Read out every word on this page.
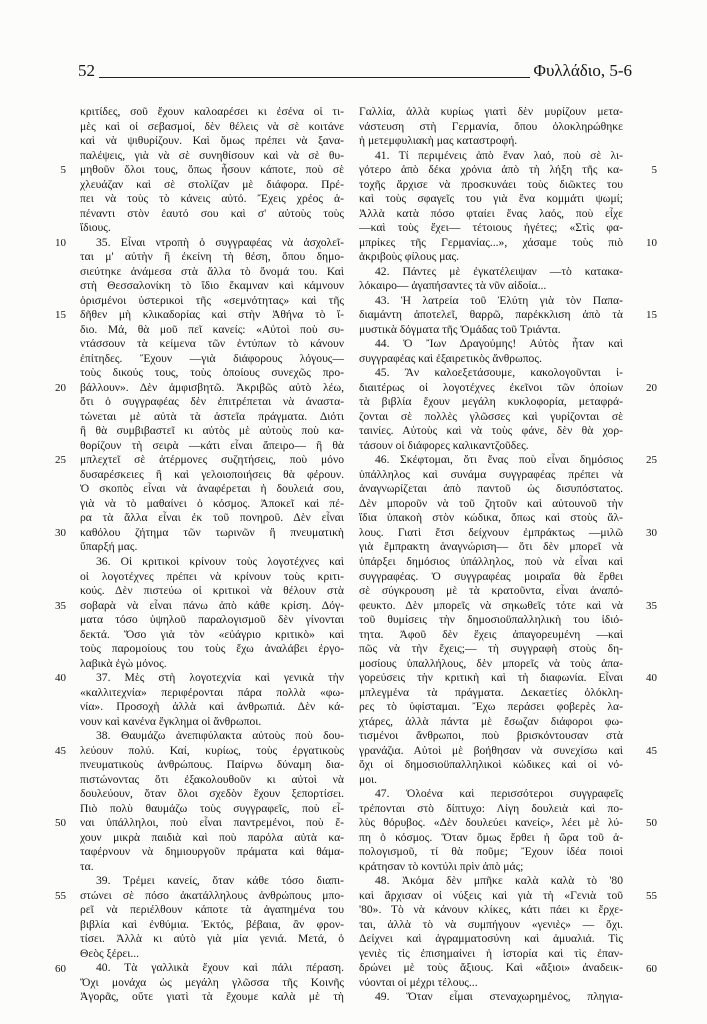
52	Φυλλάδιο, 5-6
κριτίδες, σοῦ ἔχουν καλοαρέσει κι ἐσένα οἱ τι-
μὲς καὶ οἱ σεβασμοί, δὲν θέλεις νὰ σὲ κοιτάνε
καὶ νὰ ψιθυρίζουν. Καὶ ὅμως πρέπει νὰ ξανα-
παλέψεις, γιὰ νὰ σὲ συνηθίσουν καὶ νὰ σὲ θυ-
μηθοῦν ὅλοι τους, ὅπως ἦσουν κάποτε, ποὺ σὲ
χλευάζαν καὶ σὲ στολίζαν μὲ διάφορα. Πρέ-
πει νὰ τοὺς τὸ κάνεις αὐτό. Ἔχεις χρέος ἀ-
πέναντι στὸν ἑαυτό σου καὶ σ' αὐτοὺς τοὺς
ἴδιους.
35. Εἶναι ντροπὴ ὁ συγγραφέας νὰ ἀσχολεῖ-
ται μ' αὐτὴν ἢ ἐκείνη τὴ θέση, ὅπου δημο-
σιεύτηκε ἀνάμεσα στὰ ἄλλα τὸ ὄνομά του. Καὶ
στὴ Θεσσαλονίκη τὸ ἴδιο ἔκαμναν καὶ κάμνουν
ὁρισμένοι ὑστερικοὶ τῆς «σεμνότητας» καὶ τῆς
δῆθεν μὴ κλικαδορίας καὶ στὴν Ἀθήνα τὸ ἴ-
διο. Μά, θὰ μοῦ πεῖ κανείς: «Αὐτοὶ ποὺ συ-
ντάσσουν τὰ κείμενα τῶν ἐντύπων τὸ κάνουν
ἐπίτηδες. Ἔχουν —γιὰ διάφορους λόγους—
τοὺς δικούς τους, τοὺς ὁποίους συνεχῶς προ-
βάλλουν». Δὲν ἀμφισβητῶ. Ἀκριβῶς αὐτὸ λέω,
ὅτι ὁ συγγραφέας δὲν ἐπιτρέπεται νὰ ἀναστα-
τώνεται μὲ αὐτὰ τὰ ἀστεῖα πράγματα. Διότι
ἢ θὰ συμβιβαστεῖ κι αὐτὸς μὲ αὐτοὺς ποὺ κα-
θορίζουν τὴ σειρὰ —κάτι εἶναι ἄπειρο— ἢ θὰ
μπλεχτεῖ σὲ ἀτέρμονες συζητήσεις, ποὺ μόνο
δυσαρέσκειες ἢ καὶ γελοιοποιήσεις θὰ φέρουν.
Ὁ σκοπὸς εἶναι νὰ ἀναφέρεται ἡ δουλειά σου,
γιὰ νὰ τὸ μαθαίνει ὁ κόσμος. Ἀποκεῖ καὶ πέ-
ρα τὰ ἄλλα εἶναι ἐκ τοῦ πονηροῦ. Δὲν εἶναι
καθόλου ζήτημα τῶν τωρινῶν ἢ πνευματικὴ
ὕπαρξή μας.
36. Οἱ κριτικοὶ κρίνουν τοὺς λογοτέχνες καὶ
οἱ λογοτέχνες πρέπει νὰ κρίνουν τοὺς κριτι-
κούς. Δὲν πιστεύω οἱ κριτικοὶ νὰ θέλουν στὰ
σοβαρὰ νὰ εἶναι πάνω ἀπὸ κάθε κρίση. Δόγ-
ματα τόσο ὑψηλοῦ παραλογισμοῦ δὲν γίνονται
δεκτά. Ὅσο γιὰ τὸν «εὐάγριο κριτικὸ» καὶ
τοὺς παρομοίους του τοὺς ἔχω ἀναλάβει ἐργο-
λαβικὰ ἐγὼ μόνος.
37. Μὲς στὴ λογοτεχνία καὶ γενικὰ τὴν
«καλλιτεχνία» περιφέρονται πάρα πολλὰ «φω-
νία». Προσοχὴ ἀλλὰ καὶ ἀνθρωπιά. Δὲν κά-
νουν καὶ κανένα ἔγκλημα οἱ ἄνθρωποι.
38. Θαυμάζω ἀνεπιφύλακτα αὐτοὺς ποὺ δου-
λεύουν πολύ. Καί, κυρίως, τοὺς ἐργατικοὺς
πνευματικοὺς ἀνθρώπους. Παίρνω δύναμη δια-
πιστώνοντας ὅτι ἐξακολουθοῦν κι αὐτοὶ νὰ
δουλεύουν, ὅταν ὅλοι σχεδὸν ἔχουν ξεπορτίσει.
Πιὸ πολὺ θαυμάζω τοὺς συγγραφεῖς, ποὺ εἶ-
ναι ὑπάλληλοι, ποὺ εἶναι παντρεμένοι, ποὺ ἔ-
χουν μικρὰ παιδιὰ καὶ ποὺ παρόλα αὐτὰ κα-
ταφέρνουν νὰ δημιουργοῦν πράματα καὶ θάμα-
τα.
39. Τρέμει κανείς, ὅταν κάθε τόσο διαπι-
στώνει σὲ πόσο ἀκατάλληλους ἀνθρώπους μπο-
ρεῖ νὰ περιέλθουν κάποτε τὰ ἀγαπημένα του
βιβλία καὶ ἐνθύμια. Ἐκτός, βέβαια, ἂν φρον-
τίσει. Ἀλλὰ κι αὐτὸ γιὰ μία γενιά. Μετά, ὁ
Θεὸς ξέρει...
40. Τὰ γαλλικὰ ἔχουν καὶ πάλι πέραση.
Ὄχι μονάχα ὡς μεγάλη γλῶσσα τῆς Κοινῆς
Ἀγορᾶς, οὔτε γιατὶ τὰ ἔχουμε καλὰ μὲ τὴ
5
10
15
20
25
30
35
40
45
50
55
60
Γαλλία, ἀλλὰ κυρίως γιατὶ δὲν μυρίζουν μετα-
νάστευση στὴ Γερμανία, ὅπου ὁλοκληρώθηκε
ἡ μετεμφυλιακὴ μας καταστροφή.
41. Τί περιμένεις ἀπὸ ἕναν λαό, ποὺ σὲ λι-
γότερο ἀπὸ δέκα χρόνια ἀπὸ τὴ λήξη τῆς κα-
τοχῆς ἄρχισε νὰ προσκυνάει τοὺς διῶκτες του
καὶ τοὺς σφαγεῖς του γιὰ ἕνα κομμάτι ψωμί;
Ἀλλὰ κατὰ πόσο φταίει ἕνας λαός, ποὺ εἶχε
—καὶ τοὺς ἔχει— τέτοιους ἡγέτες; «Στὶς φα-
μπρίκες τῆς Γερμανίας...», χάσαμε τοὺς πιὸ
ἀκριβοὺς φίλους μας.
42. Πάντες μὲ ἐγκατέλειψαν —τὸ κατακα-
λόκαιρο— ἀγαπήσαντες τὰ νῦν αἰδοία...
43. Ἡ λατρεία τοῦ Ἐλύτη γιὰ τὸν Παπα-
διαμάντη ἀποτελεῖ, θαρρῶ, παρέκκλιση ἀπὸ τὰ
μυστικὰ δόγματα τῆς Ὁμάδας τοῦ Τριάντα.
44. Ὁ Ἴων Δραγούμης! Αὐτὸς ἦταν καὶ
συγγραφέας καὶ ἐξαιρετικὸς ἄνθρωπος.
45. Ἂν καλοεξετάσουμε, κακολογοῦνται ἰ-
διαιτέρως οἱ λογοτέχνες ἐκεῖνοι τῶν ὁποίων
τὰ βιβλία ἔχουν μεγάλη κυκλοφορία, μεταφρά-
ζονται σὲ πολλὲς γλῶσσες καὶ γυρίζονται σὲ
ταινίες. Αὐτοὺς καὶ νὰ τοὺς φάνε, δὲν θὰ χορ-
τάσουν οἱ διάφορες καλικαντζοῦδες.
46. Σκέφτομαι, ὅτι ἕνας ποὺ εἶναι δημόσιος
ὑπάλληλος καὶ συνάμα συγγραφέας πρέπει νὰ
ἀναγνωρίζεται ἀπὸ παντοῦ ὡς δισυπόστατος.
Δὲν μποροῦν νὰ τοῦ ζητοῦν καὶ αὐτουνοῦ τὴν
ἴδια ὑπακοὴ στὸν κώδικα, ὅπως καὶ στοὺς ἄλ-
λους. Γιατὶ ἔτσι δείχνουν ἐμπράκτως —μιλῶ
γιὰ ἔμπρακτη ἀναγνώριση— ὅτι δὲν μπορεῖ νὰ
ὑπάρξει δημόσιος ὑπάλληλος, ποὺ νὰ εἶναι καὶ
συγγραφέας. Ὁ συγγραφέας μοιραῖα θὰ ἔρθει
σὲ σύγκρουση μὲ τὰ κρατοῦντα, εἶναι ἀναπό-
φευκτο. Δὲν μπορεῖς νὰ σηκωθεῖς τότε καὶ νὰ
τοῦ θυμίσεις τὴν δημοσιοϋπαλληλικὴ του ἰδιό-
τητα. Ἀφοῦ δὲν ἔχεις ἀπαγορευμένη —καὶ
πῶς νὰ τὴν ἔχεις;— τὴ συγγραφὴ στοὺς δη-
μοσίους ὑπαλλήλους, δὲν μπορεῖς νὰ τοὺς ἀπα-
γορεύσεις τὴν κριτικὴ καὶ τὴ διαφωνία. Εἶναι
μπλεγμένα τὰ πράγματα. Δεκαετίες ὁλόκλη-
ρες τὸ ὑφίσταμαι. Ἔχω περάσει φοβερὲς λα-
χτάρες, ἀλλὰ πάντα μὲ ἔσωζαν διάφοροι φω-
τισμένοι ἄνθρωποι, ποὺ βρισκόντουσαν στὰ
γρανάζια. Αὐτοὶ μὲ βοήθησαν νὰ συνεχίσω καὶ
ὄχι οἱ δημοσιοϋπαλληλικοὶ κώδικες καὶ οἱ νό-
μοι.
47. Ὁλοένα καὶ περισσότεροι συγγραφεῖς
τρέπονται στὸ δίπτυχο: Λίγη δουλειὰ καὶ πο-
λὺς θόρυβος. «Δὲν δουλεύει κανείς», λέει μὲ λύ-
πη ὁ κόσμος. Ὅταν ὅμως ἔρθει ἡ ὥρα τοῦ ἀ-
πολογισμοῦ, τί θὰ ποῦμε; Ἔχουν ἰδέα ποιοὶ
κράτησαν τὸ κοντύλι πρὶν ἀπὸ μάς;
48. Ἀκόμα δὲν μπῆκε καλὰ καλὰ τὸ '80
καὶ ἄρχισαν οἱ νύξεις καὶ γιὰ τὴ «Γενιὰ τοῦ
'80». Τὸ νὰ κάνουν κλίκες, κάτι πάει κι ἔρχε-
ται, ἀλλὰ τὸ νὰ συμπήγουν «γενιὲς» — ὄχι.
Δείχνει καὶ ἀγραμματοσύνη καὶ ἀμυαλιά. Τὶς
γενιὲς τὶς ἐπισημαίνει ἡ ἱστορία καὶ τὶς ἐπαν-
δρώνει μὲ τοὺς ἄξιους. Καὶ «ἄξιοι» ἀναδεικ-
νύονται οἱ μέχρι τέλους...
49. Ὅταν εἶμαι στεναχωρημένος, πληγια-
5
10
15
20
25
30
35
40
45
50
55
60
